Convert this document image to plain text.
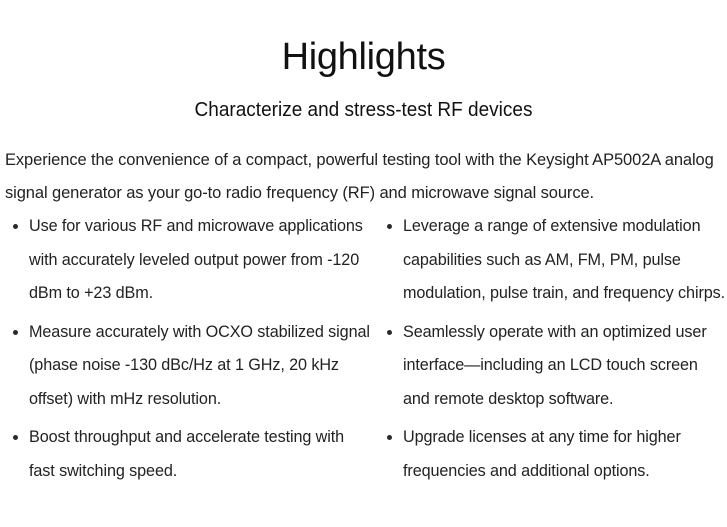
Highlights
Characterize and stress-test RF devices

Experience the convenience of a compact, powerful testing tool with the Keysight AP5002A analog signal generator as your go-to radio frequency (RF) and microwave signal source.

Use for various RF and microwave applications with accurately leveled output power from -120 dBm to +23 dBm.
Measure accurately with OCXO stabilized signal (phase noise -130 dBc/Hz at 1 GHz, 20 kHz offset) with mHz resolution.
Boost throughput and accelerate testing with fast switching speed.
Leverage a range of extensive modulation capabilities such as AM, FM, PM, pulse modulation, pulse train, and frequency chirps.
Seamlessly operate with an optimized user interface—including an LCD touch screen and remote desktop software.
Upgrade licenses at any time for higher frequencies and additional options.
